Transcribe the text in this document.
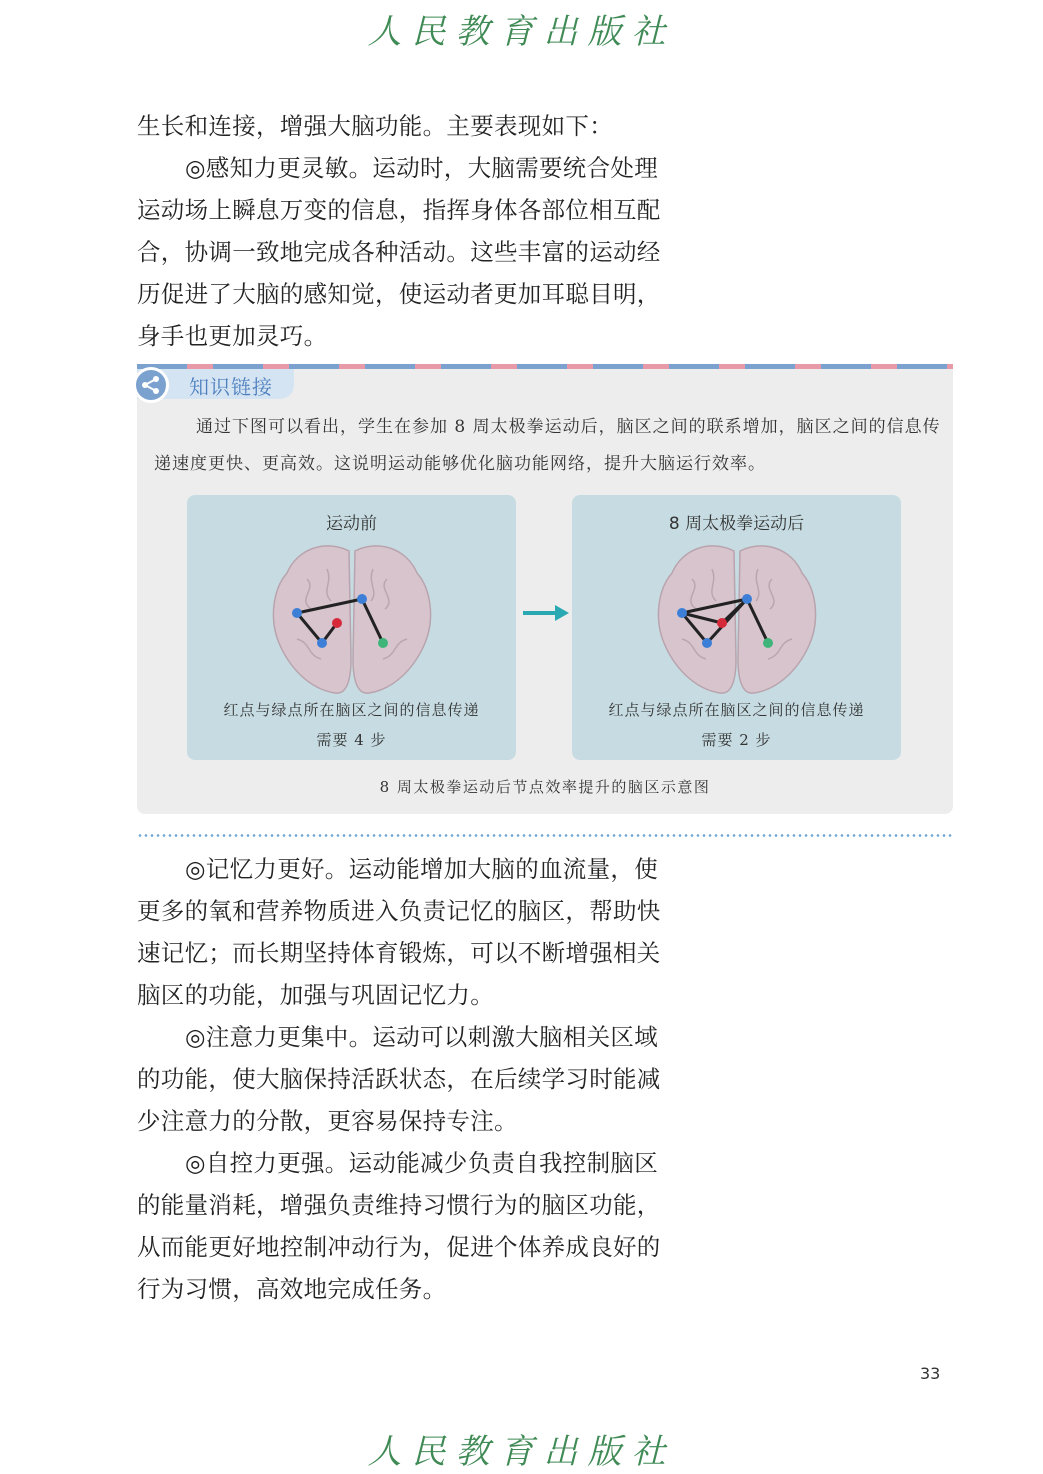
人民教育出版社

生长和连接，增强大脑功能。主要表现如下：

◎感知力更灵敏。运动时，大脑需要统合处理运动场上瞬息万变的信息，指挥身体各部位相互配合，协调一致地完成各种活动。这些丰富的运动经历促进了大脑的感知觉，使运动者更加耳聪目明，身手也更加灵巧。

知识链接

通过下图可以看出，学生在参加 8 周太极拳运动后，脑区之间的联系增加，脑区之间的信息传递速度更快、更高效。这说明运动能够优化脑功能网络，提升大脑运行效率。

运动前
红点与绿点所在脑区之间的信息传递
需要 4 步
8 周太极拳运动后
红点与绿点所在脑区之间的信息传递
需要 2 步
8 周太极拳运动后节点效率提升的脑区示意图

◎记忆力更好。运动能增加大脑的血流量，使更多的氧和营养物质进入负责记忆的脑区，帮助快速记忆；而长期坚持体育锻炼，可以不断增强相关脑区的功能，加强与巩固记忆力。

◎注意力更集中。运动可以刺激大脑相关区域的功能，使大脑保持活跃状态，在后续学习时能减少注意力的分散，更容易保持专注。

◎自控力更强。运动能减少负责自我控制脑区的能量消耗，增强负责维持习惯行为的脑区功能，从而能更好地控制冲动行为，促进个体养成良好的行为习惯，高效地完成任务。

33
人民教育出版社
